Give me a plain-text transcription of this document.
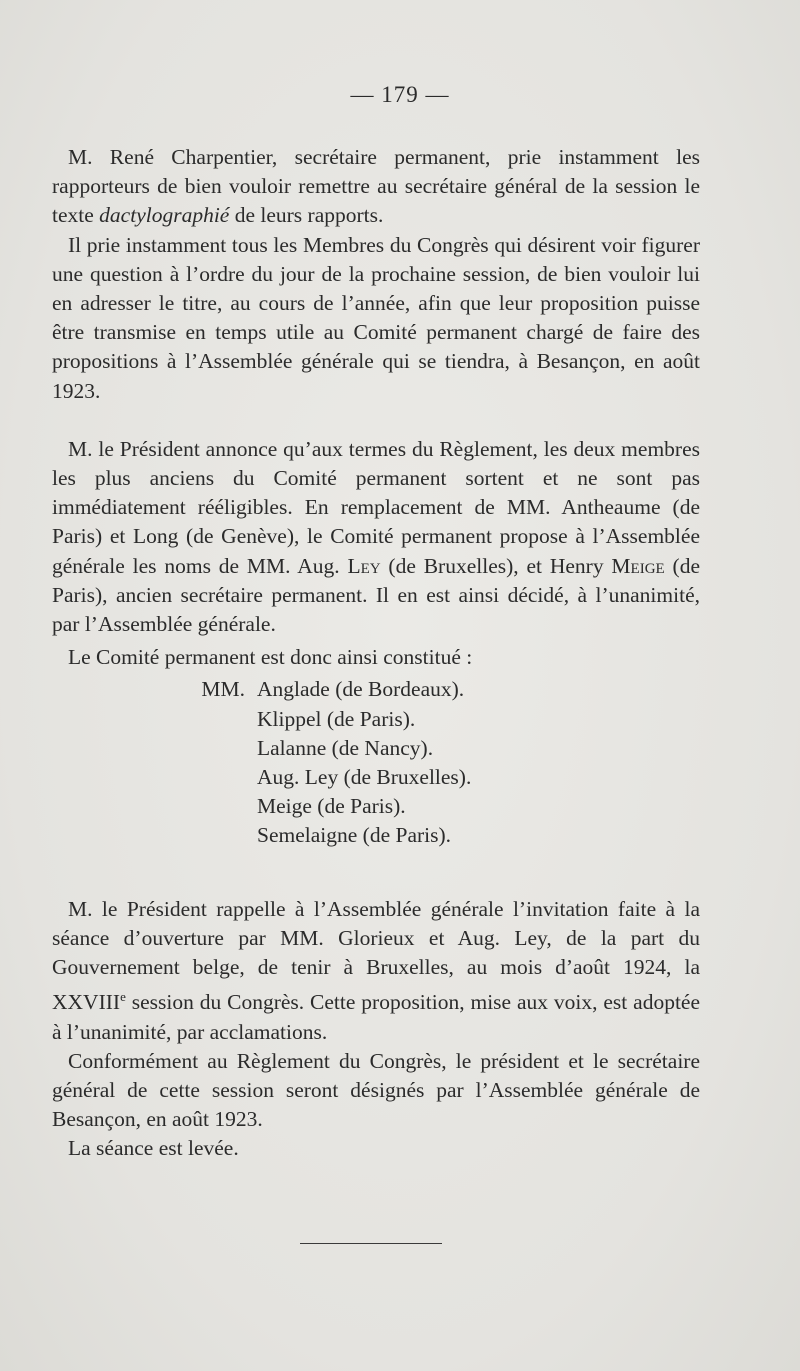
— 179 —

M. René Charpentier, secrétaire permanent, prie instamment les rapporteurs de bien vouloir remettre au secrétaire général de la session le texte dactylographié de leurs rapports.

Il prie instamment tous les Membres du Congrès qui désirent voir figurer une question à l’ordre du jour de la prochaine session, de bien vouloir lui en adresser le titre, au cours de l’année, afin que leur proposition puisse être transmise en temps utile au Comité permanent chargé de faire des propositions à l’Assemblée générale qui se tiendra, à Besançon, en août 1923.

M. le Président annonce qu’aux termes du Règlement, les deux membres les plus anciens du Comité permanent sortent et ne sont pas immédiatement rééligibles. En remplacement de MM. Antheaume (de Paris) et Long (de Genève), le Comité permanent propose à l’Assemblée générale les noms de MM. Aug. Ley (de Bruxelles), et Henry Meige (de Paris), ancien secrétaire permanent. Il en est ainsi décidé, à l’unanimité, par l’Assemblée générale.

Le Comité permanent est donc ainsi constitué :

MM. Anglade (de Bordeaux).
Klippel (de Paris).
Lalanne (de Nancy).
Aug. Ley (de Bruxelles).
Meige (de Paris).
Semelaigne (de Paris).

M. le Président rappelle à l’Assemblée générale l’invitation faite à la séance d’ouverture par MM. Glorieux et Aug. Ley, de la part du Gouvernement belge, de tenir à Bruxelles, au mois d’août 1924, la XXVIIIe session du Congrès. Cette proposition, mise aux voix, est adoptée à l’unanimité, par acclamations.

Conformément au Règlement du Congrès, le président et le secrétaire général de cette session seront désignés par l’Assemblée générale de Besançon, en août 1923.

La séance est levée.
